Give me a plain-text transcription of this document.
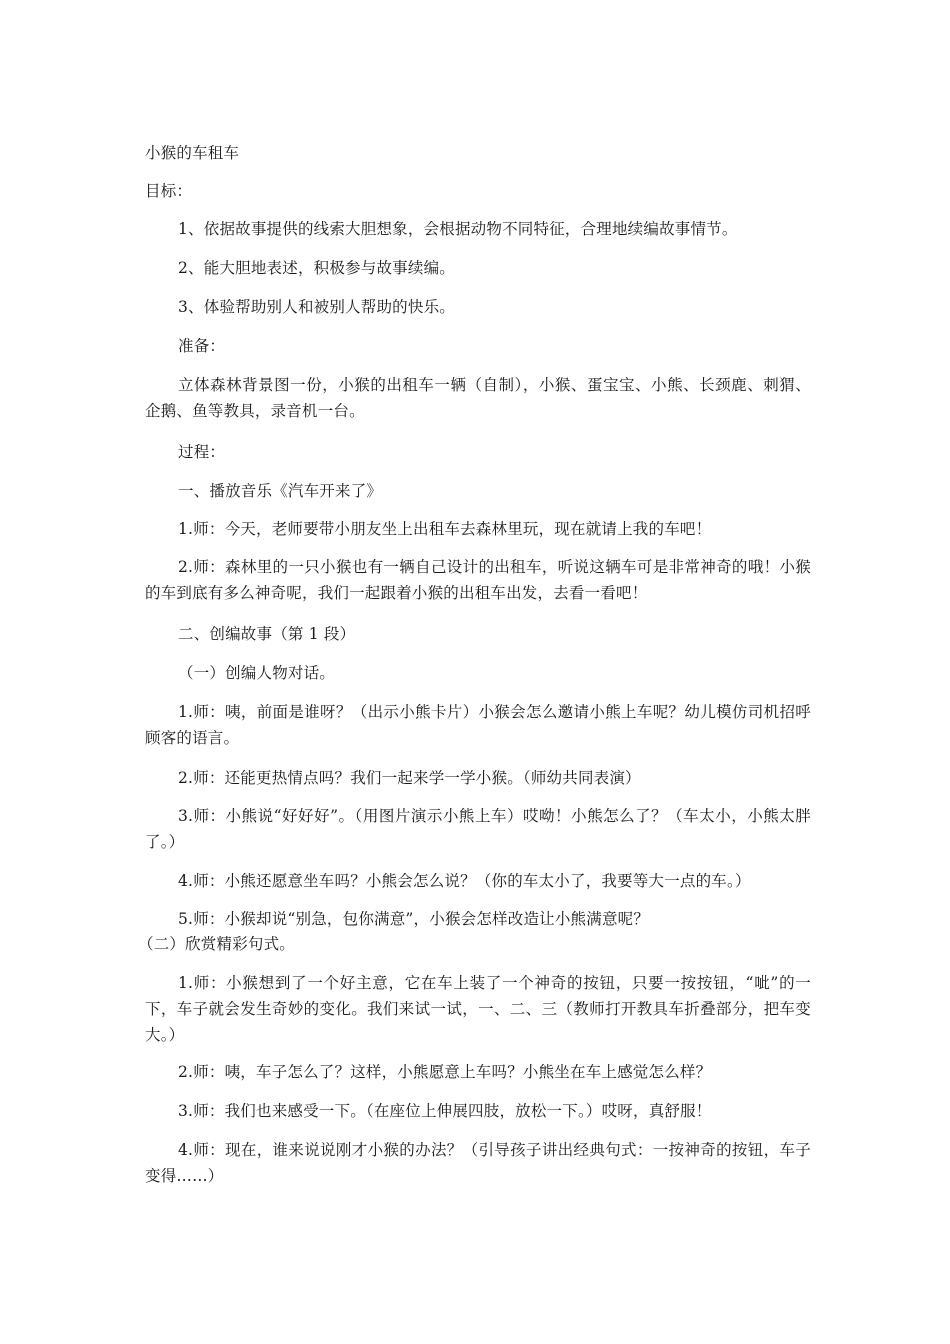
小猴的车租车
目标：
1、依据故事提供的线索大胆想象，会根据动物不同特征，合理地续编故事情节。
2、能大胆地表述，积极参与故事续编。
3、体验帮助别人和被别人帮助的快乐。
准备：
立体森林背景图一份，小猴的出租车一辆（自制），小猴、蛋宝宝、小熊、长颈鹿、刺猬、企鹅、鱼等教具，录音机一台。
过程：
一、播放音乐《汽车开来了》
1.师：今天，老师要带小朋友坐上出租车去森林里玩，现在就请上我的车吧！
2.师：森林里的一只小猴也有一辆自己设计的出租车，听说这辆车可是非常神奇的哦！小猴的车到底有多么神奇呢，我们一起跟着小猴的出租车出发，去看一看吧！
二、创编故事（第 1 段）
（一）创编人物对话。
1.师：咦，前面是谁呀？（出示小熊卡片）小猴会怎么邀请小熊上车呢？幼儿模仿司机招呼顾客的语言。
2.师：还能更热情点吗？我们一起来学一学小猴。（师幼共同表演）
3.师：小熊说“好好好”。（用图片演示小熊上车）哎呦！小熊怎么了？（车太小，小熊太胖了。）
4.师：小熊还愿意坐车吗？小熊会怎么说？（你的车太小了，我要等大一点的车。）
5.师：小猴却说“别急，包你满意”，小猴会怎样改造让小熊满意呢？
（二）欣赏精彩句式。
1.师：小猴想到了一个好主意，它在车上装了一个神奇的按钮，只要一按按钮，“呲”的一下，车子就会发生奇妙的变化。我们来试一试，一、二、三（教师打开教具车折叠部分，把车变大。）
2.师：咦，车子怎么了？这样，小熊愿意上车吗？小熊坐在车上感觉怎么样？
3.师：我们也来感受一下。（在座位上伸展四肢，放松一下。）哎呀，真舒服！
4.师：现在，谁来说说刚才小猴的办法？（引导孩子讲出经典句式：一按神奇的按钮，车子变得……）
